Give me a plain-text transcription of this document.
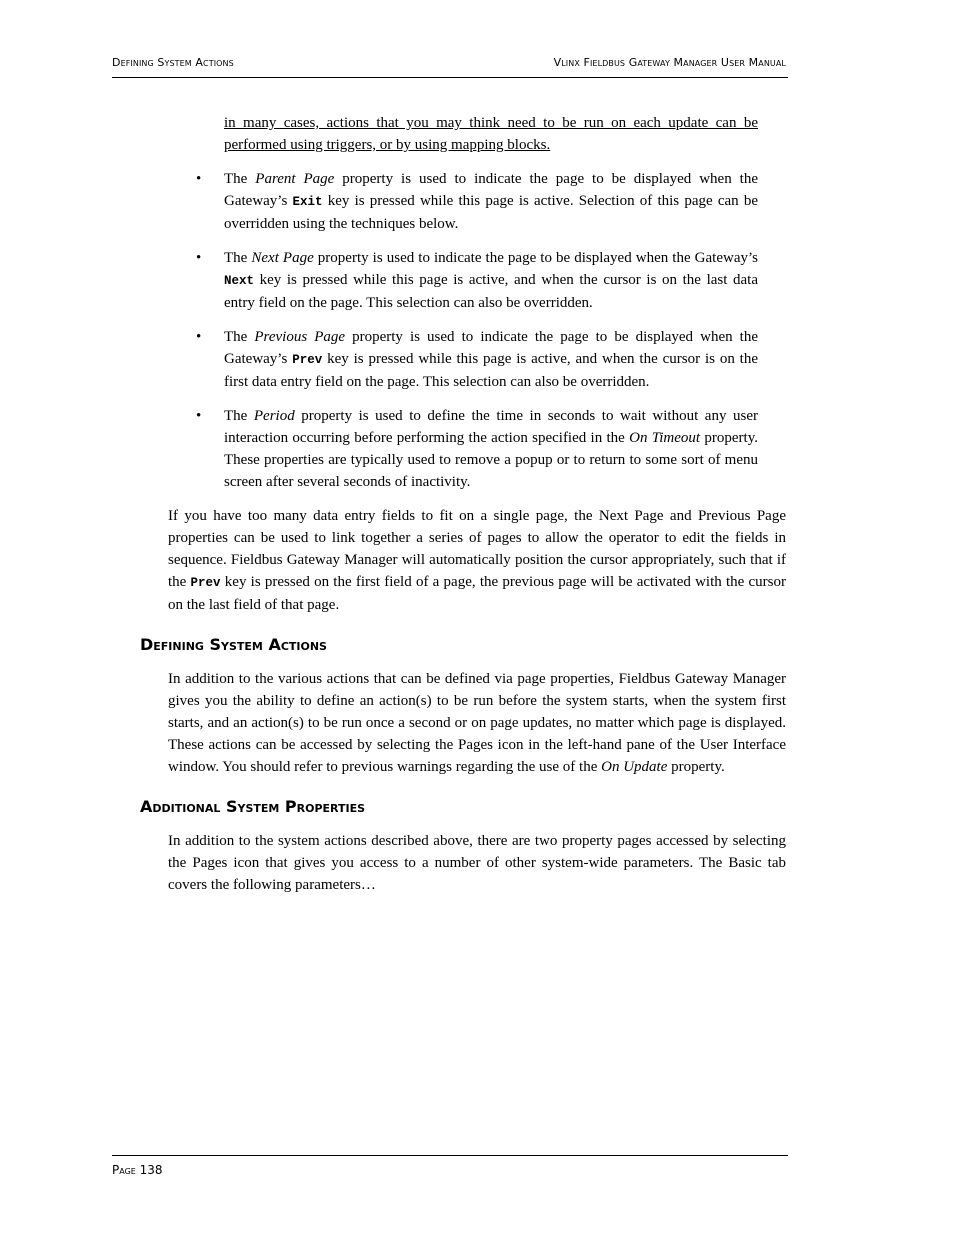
Defining System Actions	Vlinx Fieldbus Gateway Manager User Manual

in many cases, actions that you may think need to be run on each update can be performed using triggers, or by using mapping blocks.

• The Parent Page property is used to indicate the page to be displayed when the Gateway’s Exit key is pressed while this page is active. Selection of this page can be overridden using the techniques below.

• The Next Page property is used to indicate the page to be displayed when the Gateway’s Next key is pressed while this page is active, and when the cursor is on the last data entry field on the page. This selection can also be overridden.

• The Previous Page property is used to indicate the page to be displayed when the Gateway’s Prev key is pressed while this page is active, and when the cursor is on the first data entry field on the page. This selection can also be overridden.

• The Period property is used to define the time in seconds to wait without any user interaction occurring before performing the action specified in the On Timeout property. These properties are typically used to remove a popup or to return to some sort of menu screen after several seconds of inactivity.

If you have too many data entry fields to fit on a single page, the Next Page and Previous Page properties can be used to link together a series of pages to allow the operator to edit the fields in sequence. Fieldbus Gateway Manager will automatically position the cursor appropriately, such that if the Prev key is pressed on the first field of a page, the previous page will be activated with the cursor on the last field of that page.

Defining System Actions

In addition to the various actions that can be defined via page properties, Fieldbus Gateway Manager gives you the ability to define an action(s) to be run before the system starts, when the system first starts, and an action(s) to be run once a second or on page updates, no matter which page is displayed. These actions can be accessed by selecting the Pages icon in the left-hand pane of the User Interface window. You should refer to previous warnings regarding the use of the On Update property.

Additional System Properties

In addition to the system actions described above, there are two property pages accessed by selecting the Pages icon that gives you access to a number of other system-wide parameters. The Basic tab covers the following parameters…

Page 138
